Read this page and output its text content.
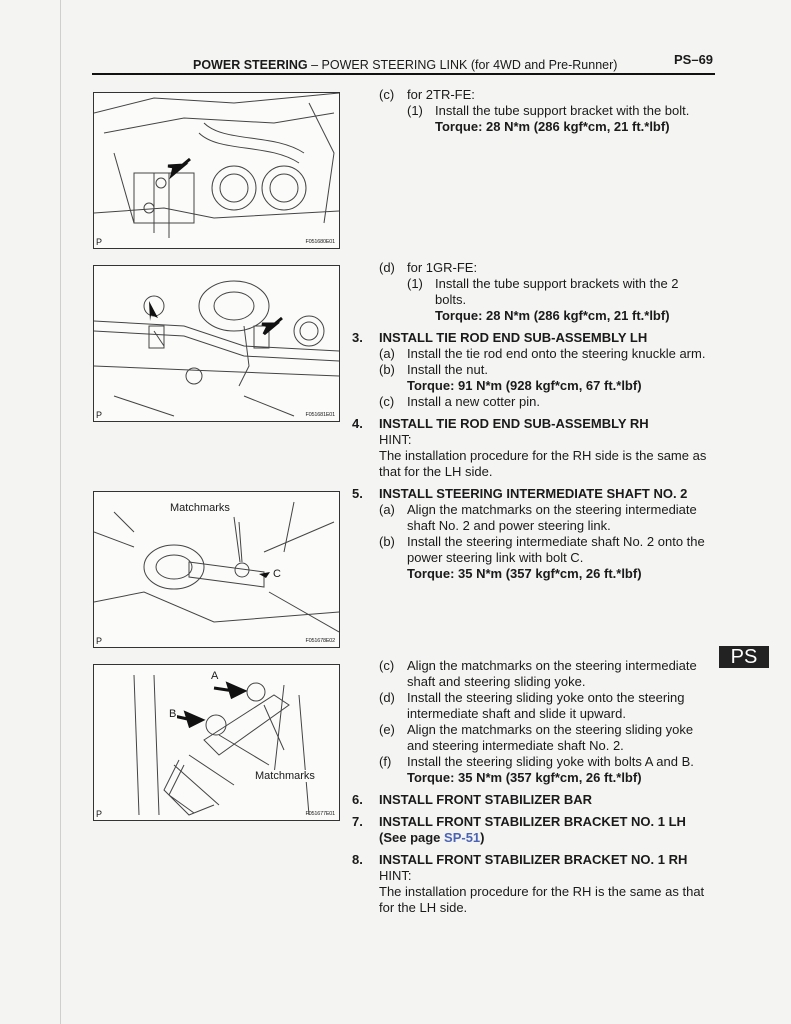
POWER STEERING – POWER STEERING LINK (for 4WD and Pre-Runner)	PS–69
PS
P	F051680E01
P	F051681E01
Matchmarks
C
P	F051678E02
A
B
Matchmarks
P	F051677E01
(c) for 2TR-FE:
(1) Install the tube support bracket with the bolt.
Torque: 28 N*m (286 kgf*cm, 21 ft.*lbf)
(d) for 1GR-FE:
(1) Install the tube support brackets with the 2
bolts.
Torque: 28 N*m (286 kgf*cm, 21 ft.*lbf)
3. INSTALL TIE ROD END SUB-ASSEMBLY LH
(a) Install the tie rod end onto the steering knuckle arm.
(b) Install the nut.
Torque: 91 N*m (928 kgf*cm, 67 ft.*lbf)
(c) Install a new cotter pin.
4. INSTALL TIE ROD END SUB-ASSEMBLY RH
HINT:
The installation procedure for the RH side is the same as
that for the LH side.
5. INSTALL STEERING INTERMEDIATE SHAFT NO. 2
(a) Align the matchmarks on the steering intermediate
shaft No. 2 and power steering link.
(b) Install the steering intermediate shaft No. 2 onto the
power steering link with bolt C.
Torque: 35 N*m (357 kgf*cm, 26 ft.*lbf)
(c) Align the matchmarks on the steering intermediate
shaft and steering sliding yoke.
(d) Install the steering sliding yoke onto the steering
intermediate shaft and slide it upward.
(e) Align the matchmarks on the steering sliding yoke
and steering intermediate shaft No. 2.
(f) Install the steering sliding yoke with bolts A and B.
Torque: 35 N*m (357 kgf*cm, 26 ft.*lbf)
6. INSTALL FRONT STABILIZER BAR
7. INSTALL FRONT STABILIZER BRACKET NO. 1 LH
(See page SP-51)
8. INSTALL FRONT STABILIZER BRACKET NO. 1 RH
HINT:
The installation procedure for the RH is the same as that
for the LH side.
